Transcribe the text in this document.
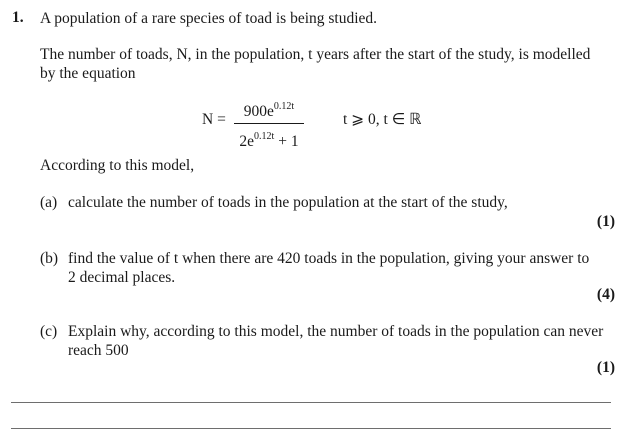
1. A population of a rare species of toad is being studied.
The number of toads, N, in the population, t years after the start of the study, is modelled
by the equation
N =	$900e^{0.12t}$
$2e^{0.12t} + 1$
t ⩾ 0, t ∈ ℝ
According to this model,
(a) calculate the number of toads in the population at the start of the study,
(1)
(b) find the value of t when there are 420 toads in the population, giving your answer to
2 decimal places.
(4)
(c) Explain why, according to this model, the number of toads in the population can never
reach 500
(1)
